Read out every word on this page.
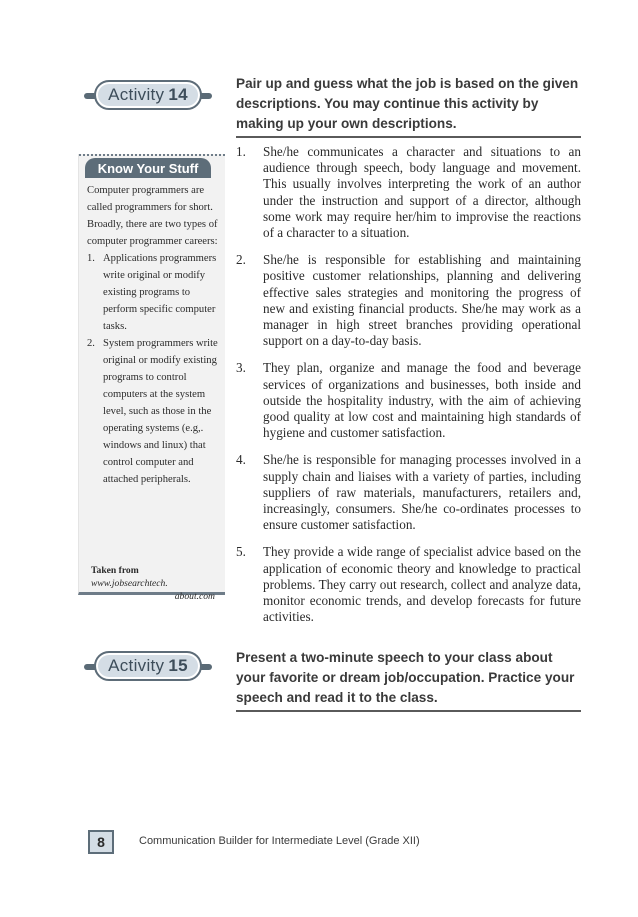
Activity 14
Pair up and guess what the job is based on the given descriptions. You may continue this activity by making up your own descriptions.
1. She/he communicates a character and situations to an audience through speech, body language and movement. This usually involves interpreting the work of an author under the instruction and support of a director, although some work may require her/him to improvise the reactions of a character to a situation.
2. She/he is responsible for establishing and maintaining positive customer relationships, planning and delivering effective sales strategies and monitoring the progress of new and existing financial products. She/he may work as a manager in high street branches providing operational support on a day-to-day basis.
3. They plan, organize and manage the food and beverage services of organizations and businesses, both inside and outside the hospitality industry, with the aim of achieving good quality at low cost and maintaining high standards of hygiene and customer satisfaction.
4. She/he is responsible for managing processes involved in a supply chain and liaises with a variety of parties, including suppliers of raw materials, manufacturers, retailers and, increasingly, consumers. She/he co-ordinates processes to ensure customer satisfaction.
5. They provide a wide range of specialist advice based on the application of economic theory and knowledge to practical problems. They carry out research, collect and analyze data, monitor economic trends, and develop forecasts for future activities.
Know Your Stuff
Computer programmers are called programmers for short. Broadly, there are two types of computer programmer careers:
1. Applications programmers write original or modify existing programs to perform specific computer tasks.
2. System programmers write original or modify existing programs to control computers at the system level, such as those in the operating systems (e.g,. windows and linux) that control computer and attached peripherals.
Taken from www.jobsearchtech.
about.com
Activity 15	Present a two-minute speech to your class about your favorite or dream job/occupation. Practice your speech and read it to the class.
8	Communication Builder for Intermediate Level (Grade XII)
